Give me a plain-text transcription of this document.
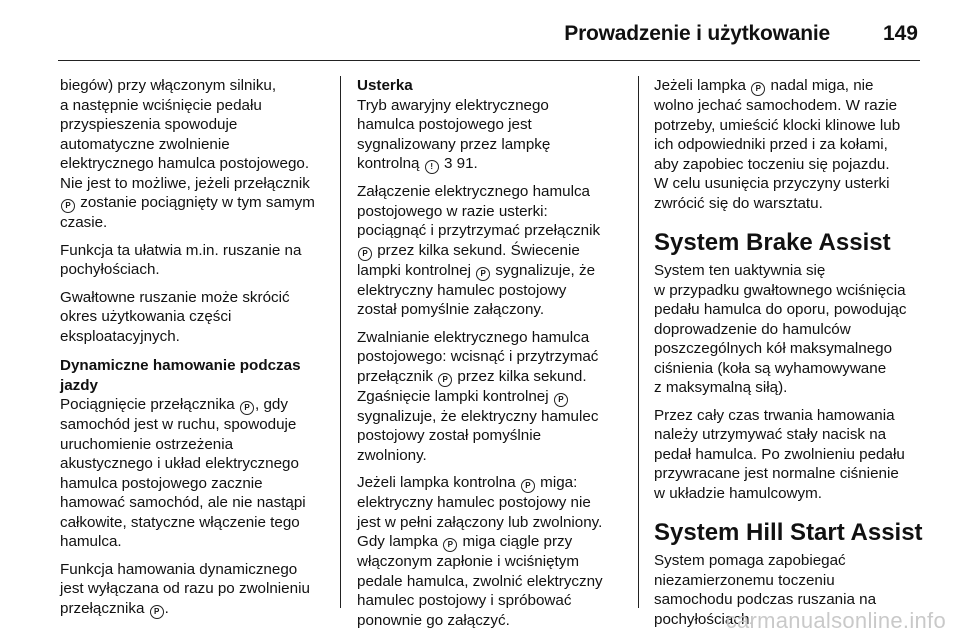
Prowadzenie i użytkowanie	149

biegów) przy włączonym silniku,
a następnie wciśnięcie pedału
przyspieszenia spowoduje
automatyczne zwolnienie
elektrycznego hamulca postojowego.
Nie jest to możliwe, jeżeli przełącznik
P zostanie pociągnięty w tym samym
czasie.

Funkcja ta ułatwia m.in. ruszanie na
pochyłościach.

Gwałtowne ruszanie może skrócić
okres użytkowania części
eksploatacyjnych.

Dynamiczne hamowanie podczas
jazdy

Pociągnięcie przełącznika P , gdy
samochód jest w ruchu, spowoduje
uruchomienie ostrzeżenia
akustycznego i układ elektrycznego
hamulca postojowego zacznie
hamować samochód, ale nie nastąpi
całkowite, statyczne włączenie tego
hamulca.

Funkcja hamowania dynamicznego
jest wyłączana od razu po zwolnieniu
przełącznika P .

Usterka

Tryb awaryjny elektrycznego
hamulca postojowego jest
sygnalizowany przez lampkę
kontrolną ! 3 91.

Załączenie elektrycznego hamulca
postojowego w razie usterki:
pociągnąć i przytrzymać przełącznik
P przez kilka sekund. Świecenie
lampki kontrolnej P sygnalizuje, że
elektryczny hamulec postojowy
został pomyślnie załączony.

Zwalnianie elektrycznego hamulca
postojowego: wcisnąć i przytrzymać
przełącznik P przez kilka sekund.
Zgaśnięcie lampki kontrolnej P
sygnalizuje, że elektryczny hamulec
postojowy został pomyślnie
zwolniony.

Jeżeli lampka kontrolna P miga:
elektryczny hamulec postojowy nie
jest w pełni załączony lub zwolniony.
Gdy lampka P miga ciągle przy
włączonym zapłonie i wciśniętym
pedale hamulca, zwolnić elektryczny
hamulec postojowy i spróbować
ponownie go załączyć.

Jeżeli lampka P nadal miga, nie
wolno jechać samochodem. W razie
potrzeby, umieścić klocki klinowe lub
ich odpowiedniki przed i za kołami,
aby zapobiec toczeniu się pojazdu.
W celu usunięcia przyczyny usterki
zwrócić się do warsztatu.

System Brake Assist

System ten uaktywnia się
w przypadku gwałtownego wciśnięcia
pedału hamulca do oporu, powodując
doprowadzenie do hamulców
poszczególnych kół maksymalnego
ciśnienia (koła są wyhamowywane
z maksymalną siłą).

Przez cały czas trwania hamowania
należy utrzymywać stały nacisk na
pedał hamulca. Po zwolnieniu pedału
przywracane jest normalne ciśnienie
w układzie hamulcowym.

System Hill Start Assist

System pomaga zapobiegać
niezamierzonemu toczeniu
samochodu podczas ruszania na
pochyłościach.

carmanualsonline.info
